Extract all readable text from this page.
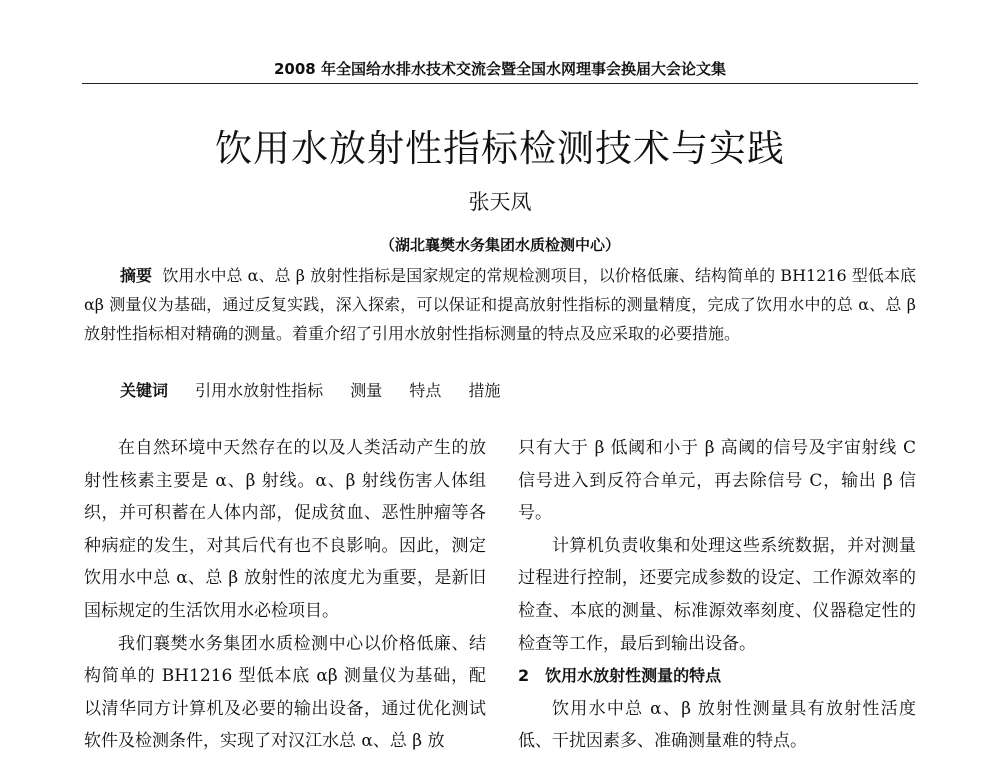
2008 年全国给水排水技术交流会暨全国水网理事会换届大会论文集
饮用水放射性指标检测技术与实践
张天凤
（湖北襄樊水务集团水质检测中心）
摘要 饮用水中总 α、总 β 放射性指标是国家规定的常规检测项目，以价格低廉、结构简单的 BH1216 型低本底 αβ 测量仪为基础，通过反复实践，深入探索，可以保证和提高放射性指标的测量精度，完成了饮用水中的总 α、总 β 放射性指标相对精确的测量。着重介绍了引用水放射性指标测量的特点及应采取的必要措施。
关键词 引用水放射性指标 测量 特点 措施

在自然环境中天然存在的以及人类活动产生的放射性核素主要是 α、β 射线。α、β 射线伤害人体组织，并可积蓄在人体内部，促成贫血、恶性肿瘤等各种病症的发生，对其后代有也不良影响。因此，测定饮用水中总 α、总 β 放射性的浓度尤为重要，是新旧国标规定的生活饮用水必检项目。

我们襄樊水务集团水质检测中心以价格低廉、结构简单的 BH1216 型低本底 αβ 测量仪为基础，配以清华同方计算机及必要的输出设备，通过优化测试软件及检测条件，实现了对汉江水总 α、总 β 放

只有大于 β 低阈和小于 β 高阈的信号及宇宙射线 C 信号进入到反符合单元，再去除信号 C，输出 β 信号。

计算机负责收集和处理这些系统数据，并对测量过程进行控制，还要完成参数的设定、工作源效率的检查、本底的测量、标准源效率刻度、仪器稳定性的检查等工作，最后到输出设备。

2 饮用水放射性测量的特点

饮用水中总 α、β 放射性测量具有放射性活度低、干扰因素多、准确测量难的特点。
